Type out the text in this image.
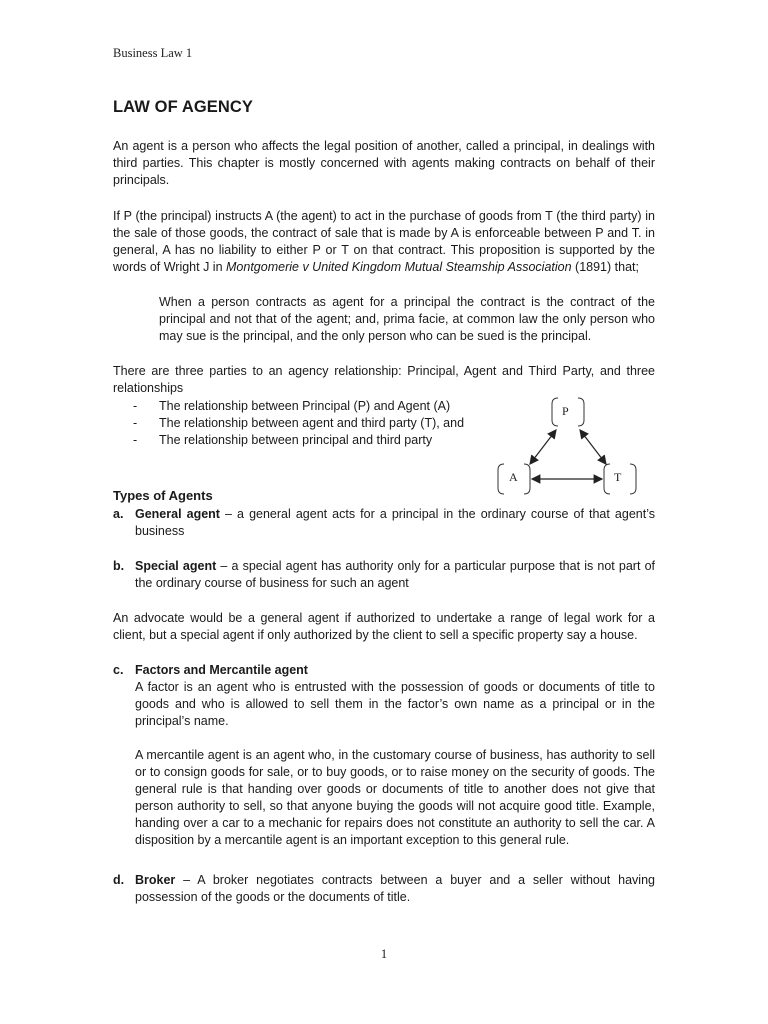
Business Law 1
LAW OF AGENCY

An agent is a person who affects the legal position of another, called a principal, in dealings with third parties. This chapter is mostly concerned with agents making contracts on behalf of their principals.

If P (the principal) instructs A (the agent) to act in the purchase of goods from T (the third party) in the sale of those goods, the contract of sale that is made by A is enforceable between P and T. in general, A has no liability to either P or T on that contract. This proposition is supported by the words of Wright J in Montgomerie v United Kingdom Mutual Steamship Association (1891) that;

When a person contracts as agent for a principal the contract is the contract of the principal and not that of the agent; and, prima facie, at common law the only person who may sue is the principal, and the only person who can be sued is the principal.

There are three parties to an agency relationship: Principal, Agent and Third Party, and three relationships

- The relationship between Principal (P) and Agent (A)
- The relationship between agent and third party (T), and
- The relationship between principal and third party
P
A	T
Types of Agents
a. General agent – a general agent acts for a principal in the ordinary course of that agent’s business
b. Special agent – a special agent has authority only for a particular purpose that is not part of the ordinary course of business for such an agent

An advocate would be a general agent if authorized to undertake a range of legal work for a client, but a special agent if only authorized by the client to sell a specific property say a house.

c. Factors and Mercantile agent
A factor is an agent who is entrusted with the possession of goods or documents of title to goods and who is allowed to sell them in the factor’s own name as a principal or in the principal’s name.
A mercantile agent is an agent who, in the customary course of business, has authority to sell or to consign goods for sale, or to buy goods, or to raise money on the security of goods. The general rule is that handing over goods or documents of title to another does not give that person authority to sell, so that anyone buying the goods will not acquire good title. Example, handing over a car to a mechanic for repairs does not constitute an authority to sell the car. A disposition by a mercantile agent is an important exception to this general rule.
d. Broker – A broker negotiates contracts between a buyer and a seller without having possession of the goods or the documents of title.
1
